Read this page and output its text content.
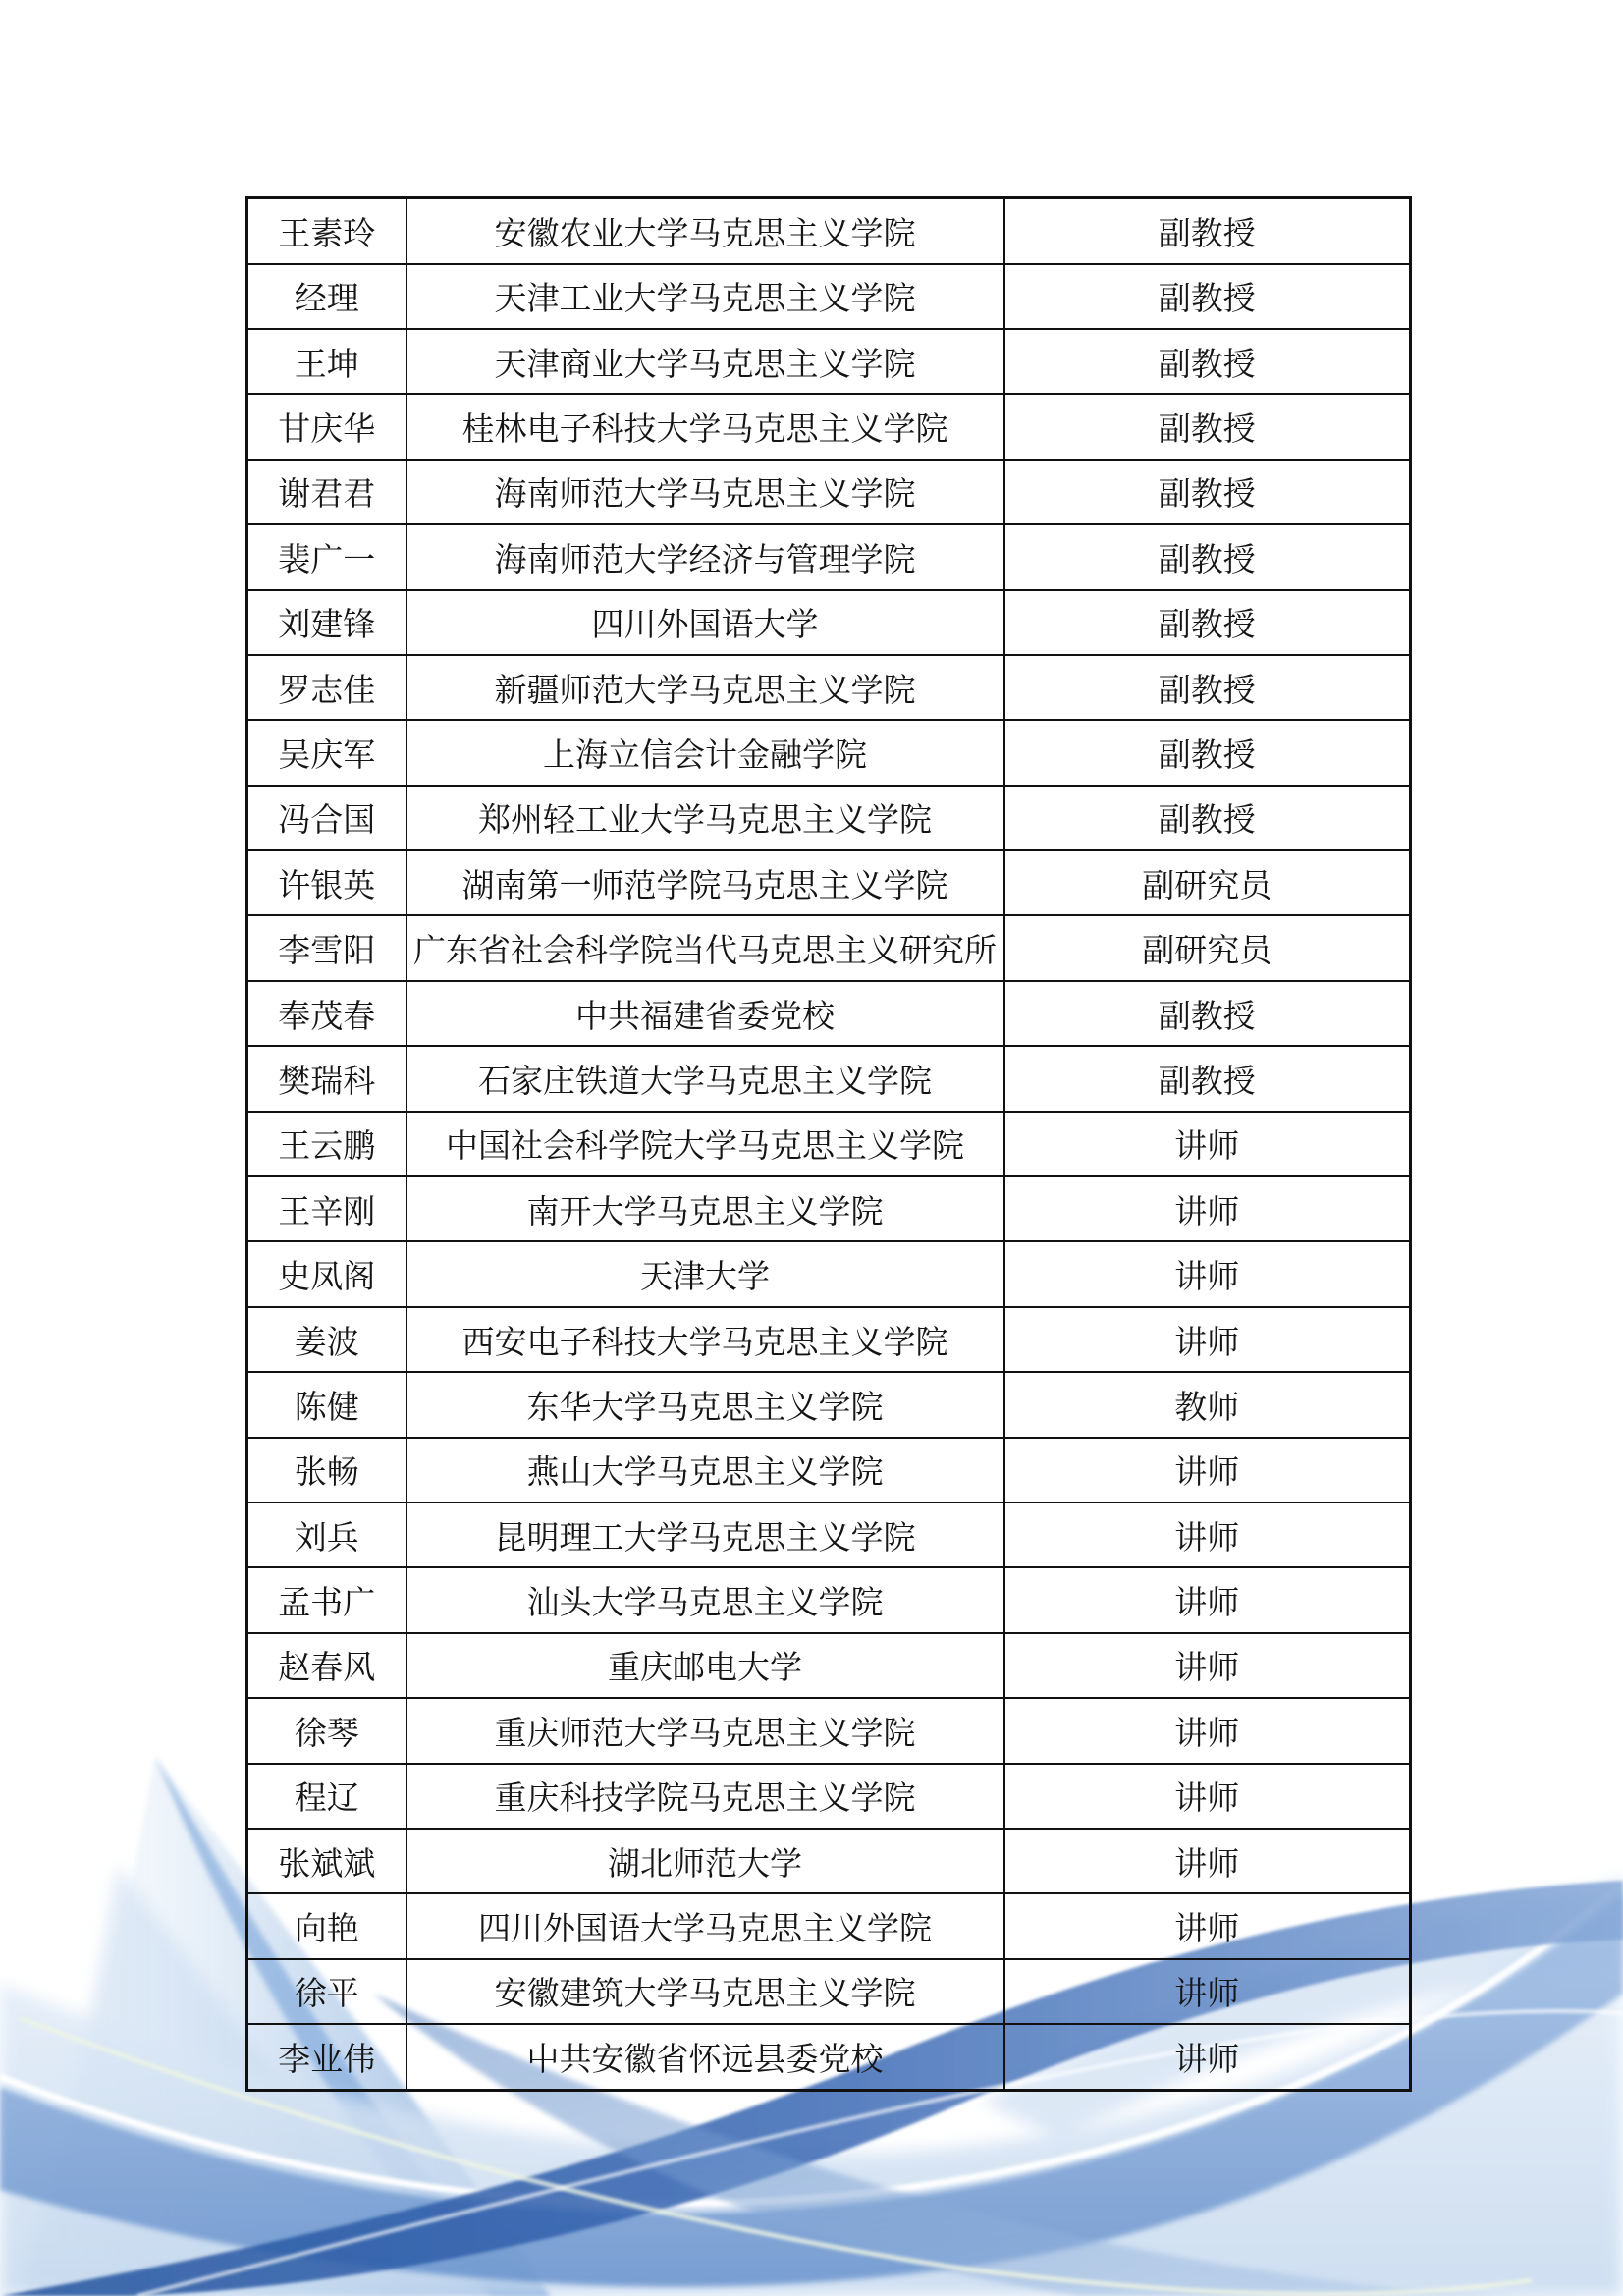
王素玲	安徽农业大学马克思主义学院	副教授
经理	天津工业大学马克思主义学院	副教授
王坤	天津商业大学马克思主义学院	副教授
甘庆华	桂林电子科技大学马克思主义学院	副教授
谢君君	海南师范大学马克思主义学院	副教授
裴广一	海南师范大学经济与管理学院	副教授
刘建锋	四川外国语大学	副教授
罗志佳	新疆师范大学马克思主义学院	副教授
吴庆军	上海立信会计金融学院	副教授
冯合国	郑州轻工业大学马克思主义学院	副教授
许银英	湖南第一师范学院马克思主义学院	副研究员
李雪阳	广东省社会科学院当代马克思主义研究所	副研究员
奉茂春	中共福建省委党校	副教授
樊瑞科	石家庄铁道大学马克思主义学院	副教授
王云鹏	中国社会科学院大学马克思主义学院	讲师
王辛刚	南开大学马克思主义学院	讲师
史凤阁	天津大学	讲师
姜波	西安电子科技大学马克思主义学院	讲师
陈健	东华大学马克思主义学院	教师
张畅	燕山大学马克思主义学院	讲师
刘兵	昆明理工大学马克思主义学院	讲师
孟书广	汕头大学马克思主义学院	讲师
赵春风	重庆邮电大学	讲师
徐琴	重庆师范大学马克思主义学院	讲师
程辽	重庆科技学院马克思主义学院	讲师
张斌斌	湖北师范大学	讲师
向艳	四川外国语大学马克思主义学院	讲师
徐平	安徽建筑大学马克思主义学院	讲师
李业伟	中共安徽省怀远县委党校	讲师
